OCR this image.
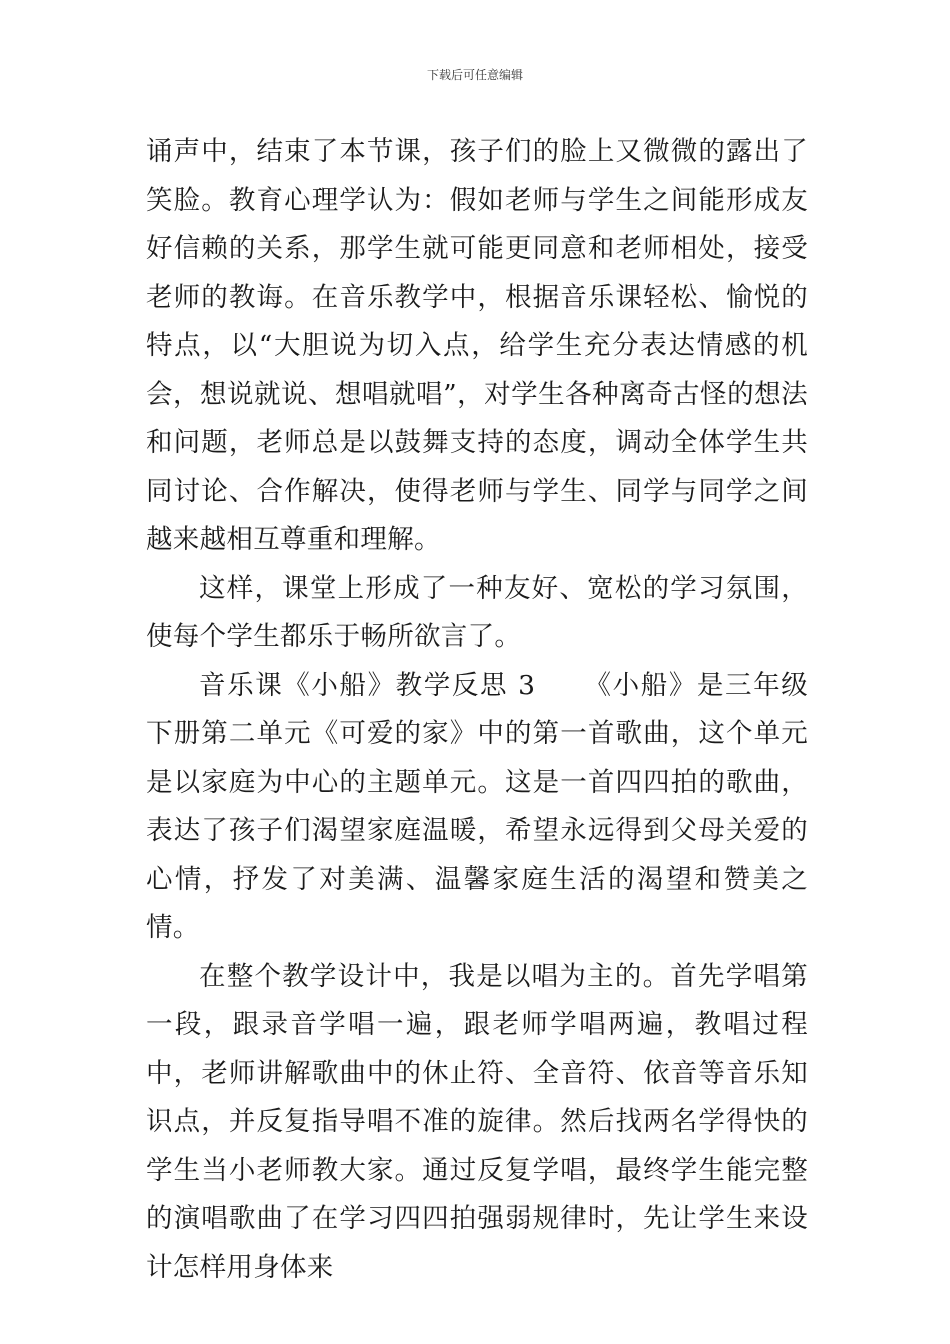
下载后可任意编辑

诵声中，结束了本节课，孩子们的脸上又微微的露出了笑脸。教育心理学认为：假如老师与学生之间能形成友好信赖的关系，那学生就可能更同意和老师相处，接受老师的教诲。在音乐教学中，根据音乐课轻松、愉悦的特点，以“大胆说为切入点，给学生充分表达情感的机会，想说就说、想唱就唱”，对学生各种离奇古怪的想法和问题，老师总是以鼓舞支持的态度，调动全体学生共同讨论、合作解决，使得老师与学生、同学与同学之间越来越相互尊重和理解。

这样，课堂上形成了一种友好、宽松的学习氛围，使每个学生都乐于畅所欲言了。

音乐课《小船》教学反思 3 《小船》是三年级下册第二单元《可爱的家》中的第一首歌曲，这个单元是以家庭为中心的主题单元。这是一首四四拍的歌曲，表达了孩子们渴望家庭温暖，希望永远得到父母关爱的心情，抒发了对美满、温馨家庭生活的渴望和赞美之情。

在整个教学设计中，我是以唱为主的。首先学唱第一段，跟录音学唱一遍，跟老师学唱两遍，教唱过程中，老师讲解歌曲中的休止符、全音符、依音等音乐知识点，并反复指导唱不准的旋律。然后找两名学得快的学生当小老师教大家。通过反复学唱，最终学生能完整的演唱歌曲了在学习四四拍强弱规律时，先让学生来设计怎样用身体来
